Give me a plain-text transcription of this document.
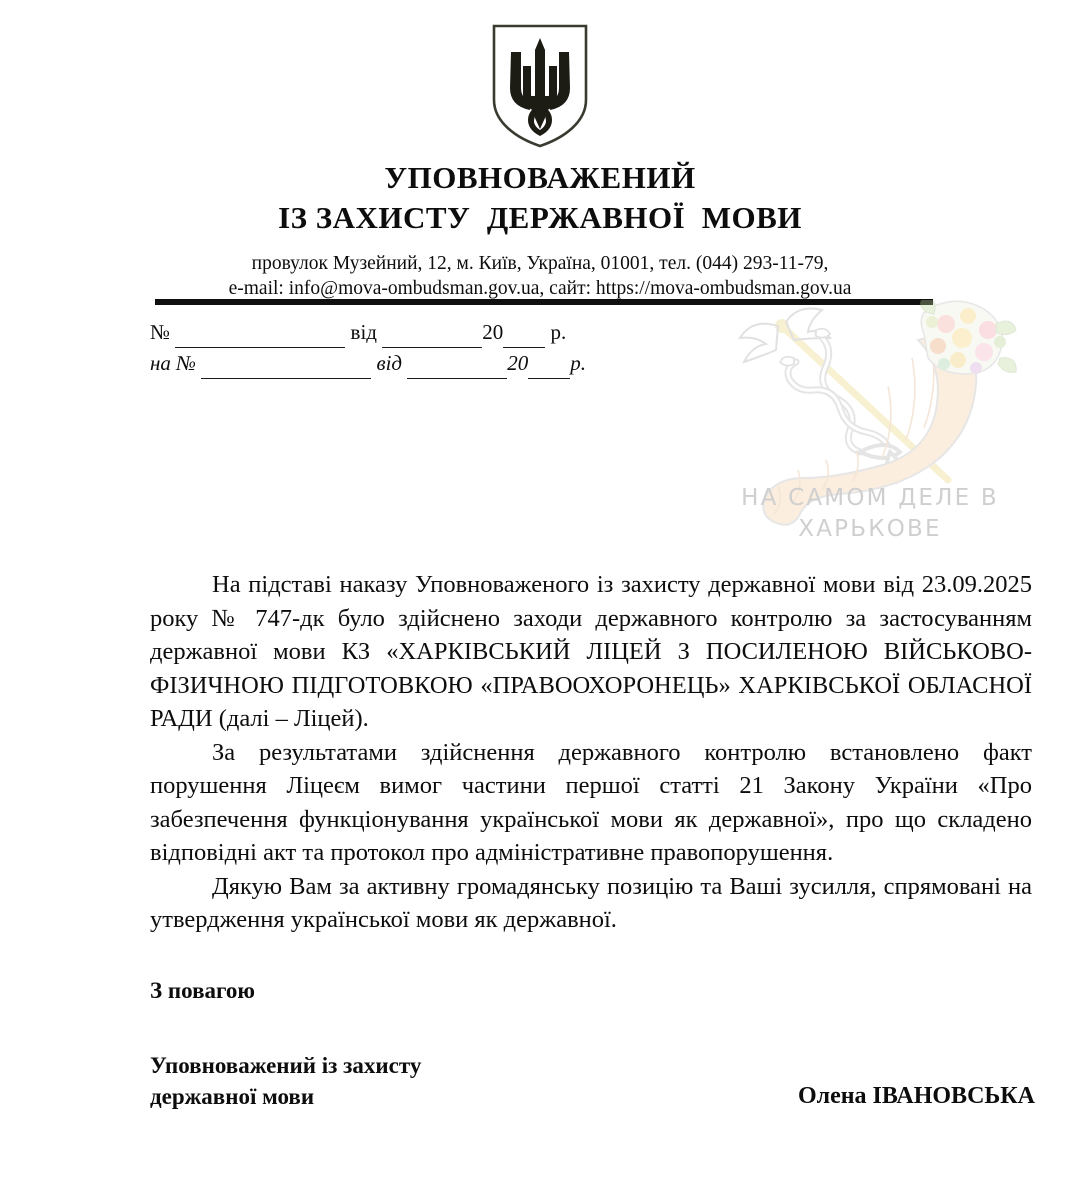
УПОВНОВАЖЕНИЙ
ІЗ ЗАХИСТУ  ДЕРЖАВНОЇ  МОВИ
провулок Музейний, 12, м. Київ, Україна, 01001, тел. (044) 293-11-79,
e-mail: info@mova-ombudsman.gov.ua, сайт: https://mova-ombudsman.gov.ua
№	від	20 р.
на №	від	20 р.
НА САМОМ ДЕЛЕ В
ХАРЬКОВЕ

На підставі наказу Уповноваженого із захисту державної мови від 23.09.2025 року № 747-дк було здійснено заходи державного контролю за застосуванням державної мови КЗ «ХАРКІВСЬКИЙ ЛІЦЕЙ З ПОСИЛЕНОЮ ВІЙСЬКОВО-ФІЗИЧНОЮ ПІДГОТОВКОЮ «ПРАВООХОРОНЕЦЬ» ХАРКІВСЬКОЇ ОБЛАСНОЇ РАДИ (далі – Ліцей).

За результатами здійснення державного контролю встановлено факт порушення Ліцеєм вимог частини першої статті 21 Закону України «Про забезпечення функціонування української мови як державної», про що складено відповідні акт та протокол про адміністративне правопорушення.

Дякую Вам за активну громадянську позицію та Ваші зусилля, спрямовані на утвердження української мови як державної.

З повагою
Уповноважений із захисту
державної мови	Олена ІВАНОВСЬКА
